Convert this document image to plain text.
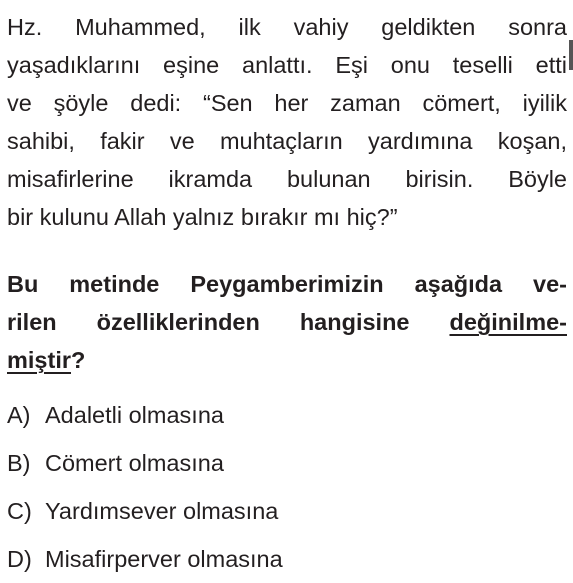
Hz. Muhammed, ilk vahiy geldikten sonra
yaşadıklarını eşine anlattı. Eşi onu teselli etti
ve şöyle dedi: “Sen her zaman cömert, iyilik
sahibi, fakir ve muhtaçların yardımına koşan,
misafirlerine ikramda bulunan birisin. Böyle
bir kulunu Allah yalnız bırakır mı hiç?”
Bu metinde Peygamberimizin aşağıda ve-
rilen özelliklerinden hangisine değinilme-
miştir?
A) Adaletli olmasına
B) Cömert olmasına
C) Yardımsever olmasına
D) Misafirperver olmasına
